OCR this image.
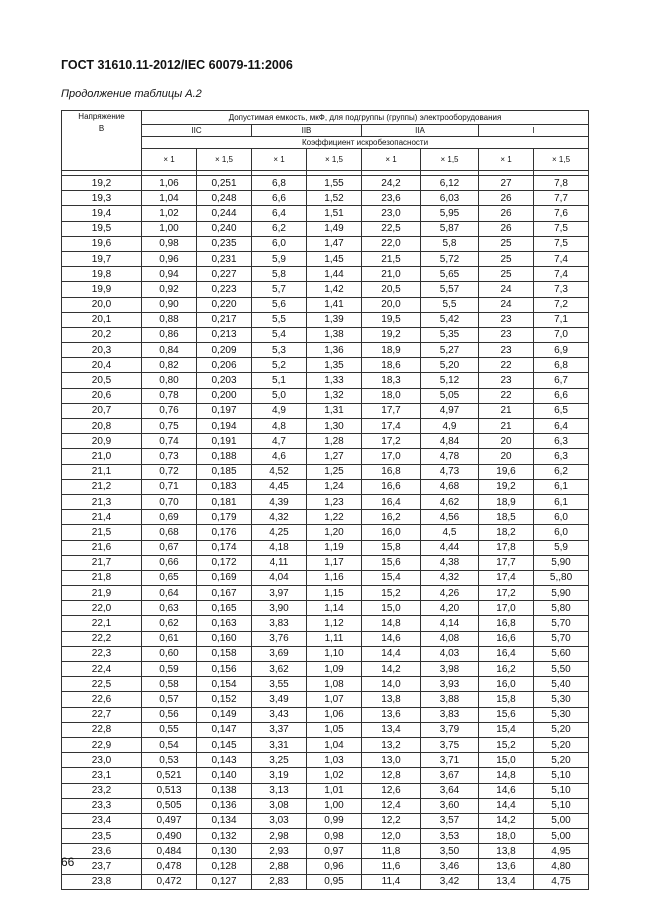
ГОСТ 31610.11-2012/IEC 60079-11:2006
Продолжение таблицы А.2
Напряжение
В	Допустимая емкость, мкФ, для подгруппы (группы) электрооборудования							
	IIC		IIB		IIA		I	
	Коэффициент искробезопасности							
	× 1	× 1,5	× 1	× 1,5	× 1	× 1,5	× 1	× 1,5

19,2	1,06	0,251	6,8	1,55	24,2	6,12	27	7,8
19,3	1,04	0,248	6,6	1,52	23,6	6,03	26	7,7
19,4	1,02	0,244	6,4	1,51	23,0	5,95	26	7,6
19,5	1,00	0,240	6,2	1,49	22,5	5,87	26	7,5
19,6	0,98	0,235	6,0	1,47	22,0	5,8	25	7,5
19,7	0,96	0,231	5,9	1,45	21,5	5,72	25	7,4
19,8	0,94	0,227	5,8	1,44	21,0	5,65	25	7,4
19,9	0,92	0,223	5,7	1,42	20,5	5,57	24	7,3
20,0	0,90	0,220	5,6	1,41	20,0	5,5	24	7,2
20,1	0,88	0,217	5,5	1,39	19,5	5,42	23	7,1
20,2	0,86	0,213	5,4	1,38	19,2	5,35	23	7,0
20,3	0,84	0,209	5,3	1,36	18,9	5,27	23	6,9
20,4	0,82	0,206	5,2	1,35	18,6	5,20	22	6,8
20,5	0,80	0,203	5,1	1,33	18,3	5,12	23	6,7
20,6	0,78	0,200	5,0	1,32	18,0	5,05	22	6,6
20,7	0,76	0,197	4,9	1,31	17,7	4,97	21	6,5
20,8	0,75	0,194	4,8	1,30	17,4	4,9	21	6,4
20,9	0,74	0,191	4,7	1,28	17,2	4,84	20	6,3
21,0	0,73	0,188	4,6	1,27	17,0	4,78	20	6,3
21,1	0,72	0,185	4,52	1,25	16,8	4,73	19,6	6,2
21,2	0,71	0,183	4,45	1,24	16,6	4,68	19,2	6,1
21,3	0,70	0,181	4,39	1,23	16,4	4,62	18,9	6,1
21,4	0,69	0,179	4,32	1,22	16,2	4,56	18,5	6,0
21,5	0,68	0,176	4,25	1,20	16,0	4,5	18,2	6,0
21,6	0,67	0,174	4,18	1,19	15,8	4,44	17,8	5,9
21,7	0,66	0,172	4,11	1,17	15,6	4,38	17,7	5,90
21,8	0,65	0,169	4,04	1,16	15,4	4,32	17,4	5,,80
21,9	0,64	0,167	3,97	1,15	15,2	4,26	17,2	5,90
22,0	0,63	0,165	3,90	1,14	15,0	4,20	17,0	5,80
22,1	0,62	0,163	3,83	1,12	14,8	4,14	16,8	5,70
22,2	0,61	0,160	3,76	1,11	14,6	4,08	16,6	5,70
22,3	0,60	0,158	3,69	1,10	14,4	4,03	16,4	5,60
22,4	0,59	0,156	3,62	1,09	14,2	3,98	16,2	5,50
22,5	0,58	0,154	3,55	1,08	14,0	3,93	16,0	5,40
22,6	0,57	0,152	3,49	1,07	13,8	3,88	15,8	5,30
22,7	0,56	0,149	3,43	1,06	13,6	3,83	15,6	5,30
22,8	0,55	0,147	3,37	1,05	13,4	3,79	15,4	5,20
22,9	0,54	0,145	3,31	1,04	13,2	3,75	15,2	5,20
23,0	0,53	0,143	3,25	1,03	13,0	3,71	15,0	5,20
23,1	0,521	0,140	3,19	1,02	12,8	3,67	14,8	5,10
23,2	0,513	0,138	3,13	1,01	12,6	3,64	14,6	5,10
23,3	0,505	0,136	3,08	1,00	12,4	3,60	14,4	5,10
23,4	0,497	0,134	3,03	0,99	12,2	3,57	14,2	5,00
23,5	0,490	0,132	2,98	0,98	12,0	3,53	18,0	5,00
23,6	0,484	0,130	2,93	0,97	11,8	3,50	13,8	4,95
23,7	0,478	0,128	2,88	0,96	11,6	3,46	13,6	4,80
23,8	0,472	0,127	2,83	0,95	11,4	3,42	13,4	4,75
66
